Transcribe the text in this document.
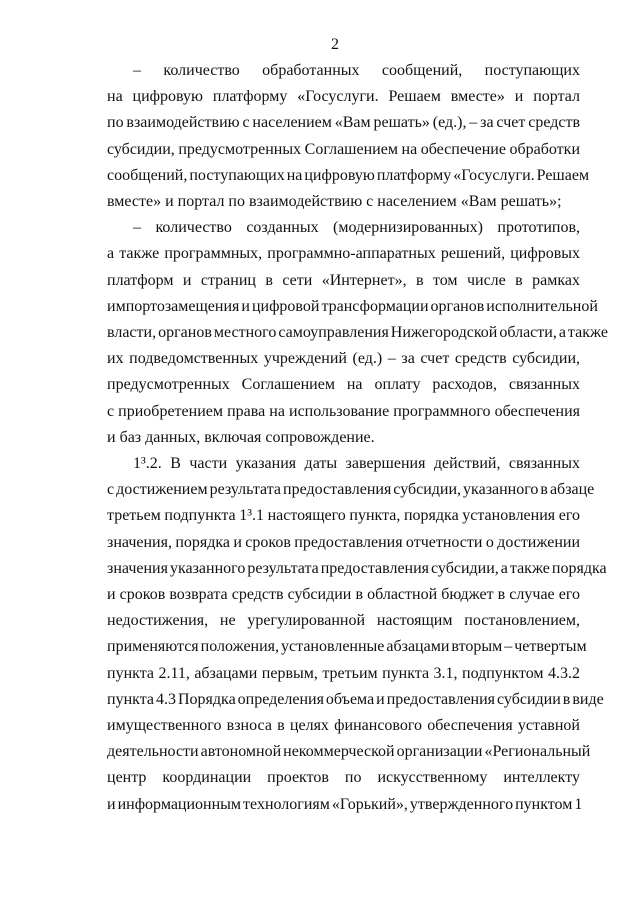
2
– количество обработанных сообщений, поступающих
на цифровую платформу «Госуслуги. Решаем вместе» и портал
по взаимодействию с населением «Вам решать» (ед.), – за счет средств
субсидии, предусмотренных Соглашением на обеспечение обработки
сообщений, поступающих на цифровую платформу «Госуслуги. Решаем
вместе» и портал по взаимодействию с населением «Вам решать»;
– количество созданных (модернизированных) прототипов,
а также программных, программно-аппаратных решений, цифровых
платформ и страниц в сети «Интернет», в том числе в рамках
импортозамещения и цифровой трансформации органов исполнительной
власти, органов местного самоуправления Нижегородской области, а также
их подведомственных учреждений (ед.) – за счет средств субсидии,
предусмотренных Соглашением на оплату расходов, связанных
с приобретением права на использование программного обеспечения
и баз данных, включая сопровождение.
1³.2. В части указания даты завершения действий, связанных
с достижением результата предоставления субсидии, указанного в абзаце
третьем подпункта 1³.1 настоящего пункта, порядка установления его
значения, порядка и сроков предоставления отчетности о достижении
значения указанного результата предоставления субсидии, а также порядка
и сроков возврата средств субсидии в областной бюджет в случае его
недостижения, не урегулированной настоящим постановлением,
применяются положения, установленные абзацами вторым – четвертым
пункта 2.11, абзацами первым, третьим пункта 3.1, подпунктом 4.3.2
пункта 4.3 Порядка определения объема и предоставления субсидии в виде
имущественного взноса в целях финансового обеспечения уставной
деятельности автономной некоммерческой организации «Региональный
центр координации проектов по искусственному интеллекту
и информационным технологиям «Горький», утвержденного пунктом 1
